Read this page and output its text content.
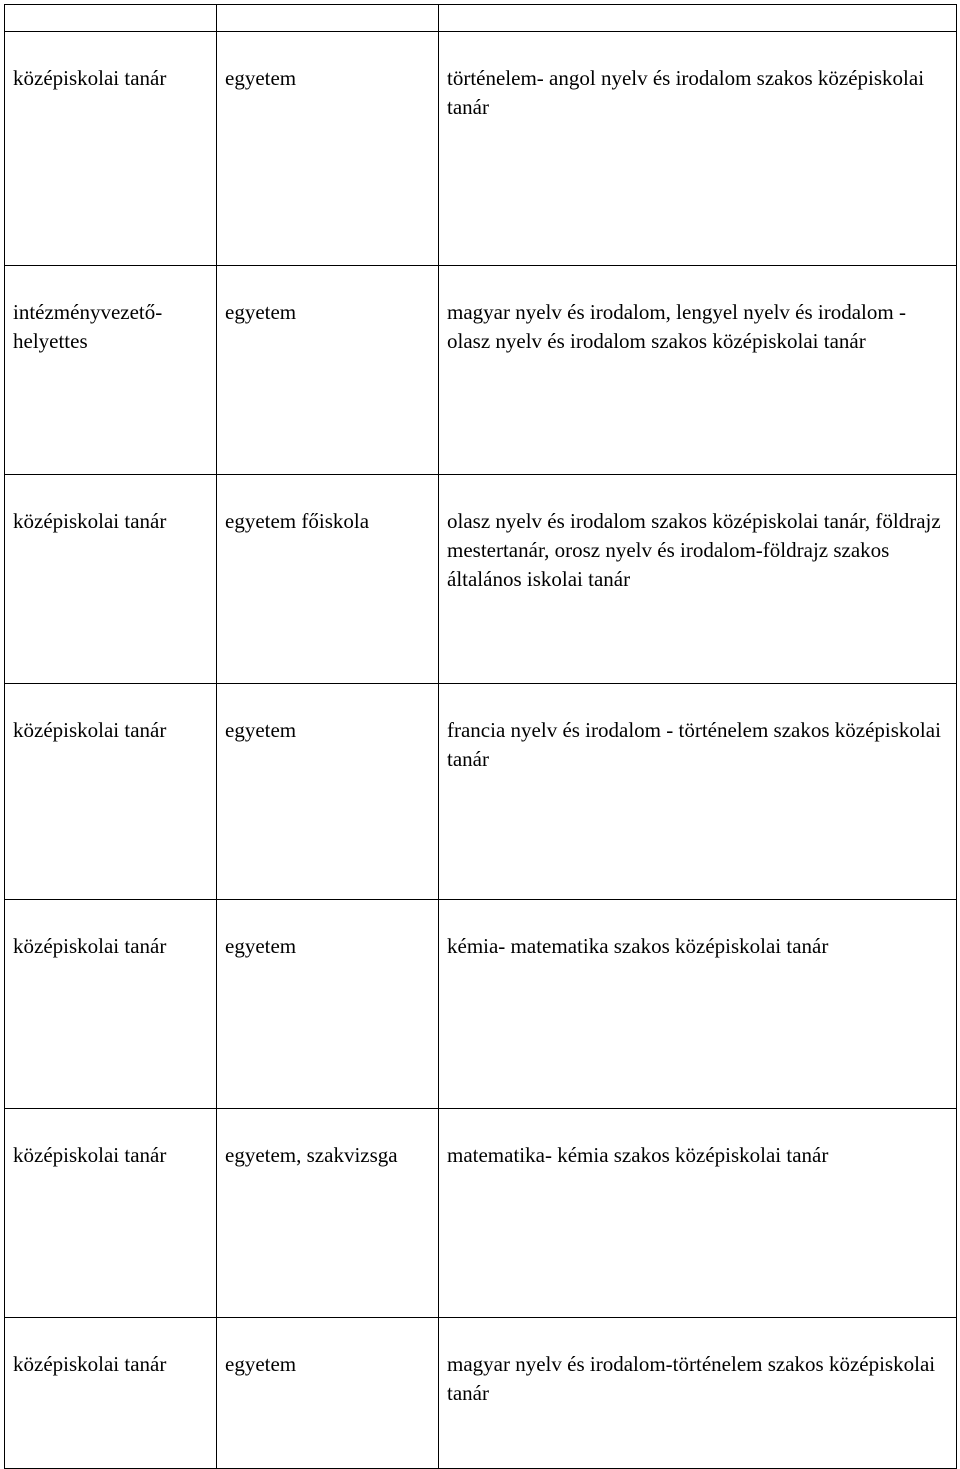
középiskolai tanár	egyetem	történelem- angol nyelv és irodalom szakos középiskolai tanár
intézményvezető-helyettes	egyetem	magyar nyelv és irodalom, lengyel nyelv és irodalom - olasz nyelv és irodalom szakos középiskolai tanár
középiskolai tanár	egyetem főiskola	olasz nyelv és irodalom szakos középiskolai tanár, földrajz mestertanár, orosz nyelv és irodalom-földrajz szakos általános iskolai tanár
középiskolai tanár	egyetem	francia nyelv és irodalom - történelem szakos középiskolai tanár
középiskolai tanár	egyetem	kémia- matematika szakos középiskolai tanár
középiskolai tanár	egyetem, szakvizsga	matematika- kémia szakos középiskolai tanár
középiskolai tanár	egyetem	magyar nyelv és irodalom-történelem szakos középiskolai tanár
